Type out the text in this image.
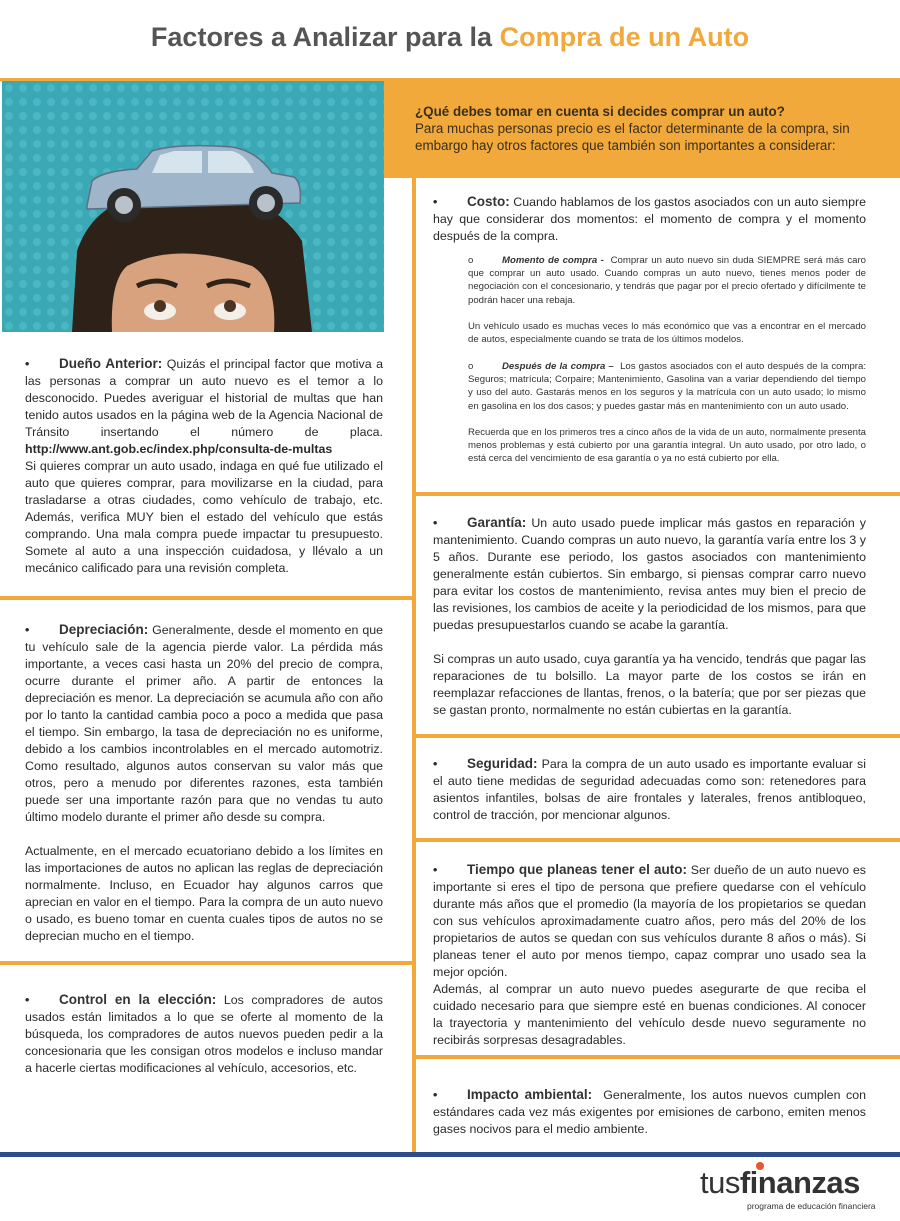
Factores a Analizar para la Compra de un Auto
¿Qué debes tomar en cuenta si decides comprar un auto?
Para muchas personas precio es el factor determinante de la compra, sin embargo hay otros factores que también son importantes a considerar:

• Dueño Anterior: Quizás el principal factor que motiva a las personas a comprar un auto nuevo es el temor a lo desconocido. Puedes averiguar el historial de multas que han tenido autos usados en la página web de la Agencia Nacional de Tránsito insertando el número de placa. http://www.ant.gob.ec/index.php/consulta-de-multas

Si quieres comprar un auto usado, indaga en qué fue utilizado el auto que quieres comprar, para movilizarse en la ciudad, para trasladarse a otras ciudades, como vehículo de trabajo, etc. Además, verifica MUY bien el estado del vehículo que estás comprando. Una mala compra puede impactar tu presupuesto. Somete al auto a una inspección cuidadosa, y llévalo a un mecánico calificado para una revisión completa.

• Depreciación: Generalmente, desde el momento en que tu vehículo sale de la agencia pierde valor. La pérdida más importante, a veces casi hasta un 20% del precio de compra, ocurre durante el primer año. A partir de entonces la depreciación es menor. La depreciación se acumula año con año por lo tanto la cantidad cambia poco a poco a medida que pasa el tiempo. Sin embargo, la tasa de depreciación no es uniforme, debido a los cambios incontrolables en el mercado automotriz. Como resultado, algunos autos conservan su valor más que otros, pero a menudo por diferentes razones, esta también puede ser una importante razón para que no vendas tu auto último modelo durante el primer año desde su compra.

Actualmente, en el mercado ecuatoriano debido a los límites en las importaciones de autos no aplican las reglas de depreciación normalmente. Incluso, en Ecuador hay algunos carros que aprecian en valor en el tiempo. Para la compra de un auto nuevo o usado, es bueno tomar en cuenta cuales tipos de autos no se deprecian mucho en el tiempo.

• Control en la elección: Los compradores de autos usados están limitados a lo que se oferte al momento de la búsqueda, los compradores de autos nuevos pueden pedir a la concesionaria que les consigan otros modelos e incluso mandar a hacerle ciertas modificaciones al vehículo, accesorios, etc.

• Costo: Cuando hablamos de los gastos asociados con un auto siempre hay que considerar dos momentos: el momento de compra y el momento después de la compra.

o	Momento de compra - Comprar un auto nuevo sin duda SIEMPRE será más caro que comprar un auto usado. Cuando compras un auto nuevo, tienes menos poder de negociación con el concesionario, y tendrás que pagar por el precio ofertado y difícilmente te podrán hacer una rebaja.

Un vehículo usado es muchas veces lo más económico que vas a encontrar en el mercado de autos, especialmente cuando se trata de los últimos modelos.

o	Después de la compra – Los gastos asociados con el auto después de la compra: Seguros; matrícula; Corpaire; Mantenimiento, Gasolina van a variar dependiendo del tiempo y uso del auto. Gastarás menos en los seguros y la matrícula con un auto usado; lo mismo en gasolina en los dos casos; y puedes gastar más en mantenimiento con un auto usado.

Recuerda que en los primeros tres a cinco años de la vida de un auto, normalmente presenta menos problemas y está cubierto por una garantía integral. Un auto usado, por otro lado, o está cerca del vencimiento de esa garantía o ya no está cubierto por ella.

• Garantía: Un auto usado puede implicar más gastos en reparación y mantenimiento. Cuando compras un auto nuevo, la garantía varía entre los 3 y 5 años. Durante ese periodo, los gastos asociados con mantenimiento generalmente están cubiertos. Sin embargo, si piensas comprar carro nuevo para evitar los costos de mantenimiento, revisa antes muy bien el precio de las revisiones, los cambios de aceite y la periodicidad de los mismos, para que puedas presupuestarlos cuando se acabe la garantía.

Si compras un auto usado, cuya garantía ya ha vencido, tendrás que pagar las reparaciones de tu bolsillo. La mayor parte de los costos se irán en reemplazar refacciones de llantas, frenos, o la batería; que por ser piezas que se gastan pronto, normalmente no están cubiertas en la garantía.

• Seguridad: Para la compra de un auto usado es importante evaluar si el auto tiene medidas de seguridad adecuadas como son: retenedores para asientos infantiles, bolsas de aire frontales y laterales, frenos antibloqueo, control de tracción, por mencionar algunos.

• Tiempo que planeas tener el auto: Ser dueño de un auto nuevo es importante si eres el tipo de persona que prefiere quedarse con el vehículo durante más años que el promedio (la mayoría de los propietarios se quedan con sus vehículos aproximadamente cuatro años, pero más del 20% de los propietarios de autos se quedan con sus vehículos durante 8 años o más). Si planeas tener el auto por menos tiempo, capaz comprar uno usado sea la mejor opción.

Además, al comprar un auto nuevo puedes asegurarte de que reciba el cuidado necesario para que siempre esté en buenas condiciones. Al conocer la trayectoria y mantenimiento del vehículo desde nuevo seguramente no recibirás sorpresas desagradables.

• Impacto ambiental: Generalmente, los autos nuevos cumplen con estándares cada vez más exigentes por emisiones de carbono, emiten menos gases nocivos para el medio ambiente.

tusfinanzas
programa de educación financiera
